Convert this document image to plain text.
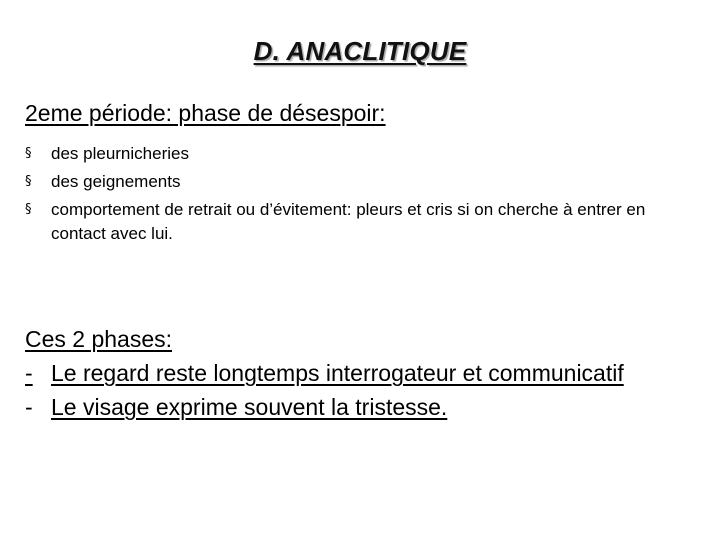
D. ANACLITIQUE
2eme période: phase de désespoir:
§ des pleurnicheries
§ des geignements
§ comportement de retrait ou d’évitement: pleurs et cris si on cherche à entrer en contact avec lui.
Ces 2 phases:
- Le regard reste longtemps interrogateur et communicatif
- Le visage exprime souvent la tristesse.
